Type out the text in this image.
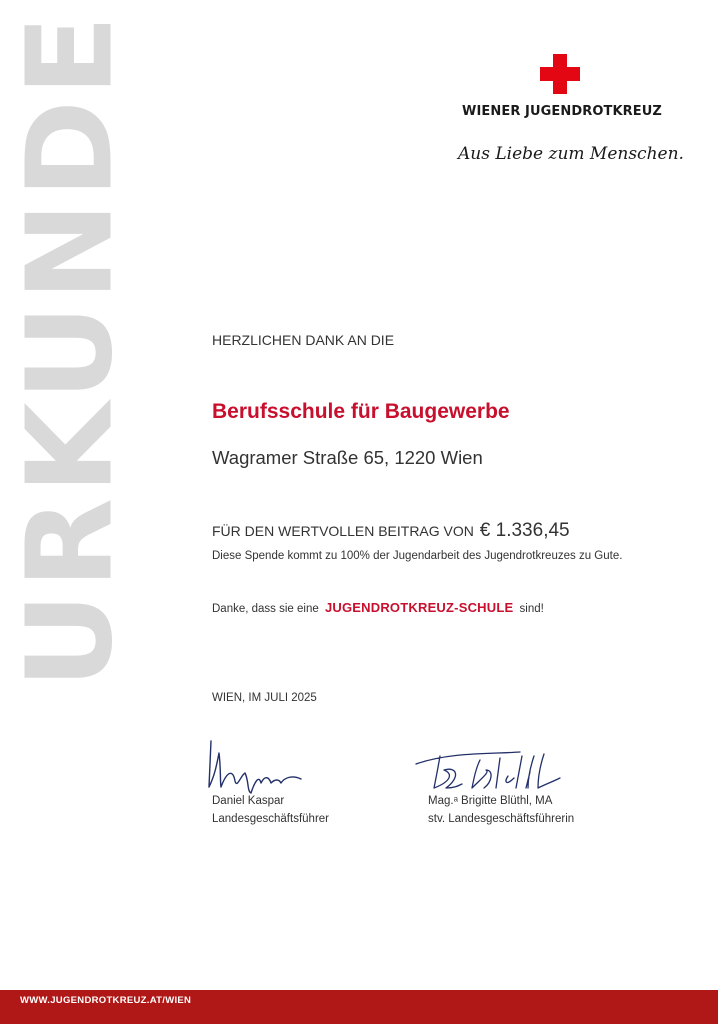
URKUNDE	WIENER JUGENDROTKREUZ
Aus Liebe zum Menschen.
HERZLICHEN DANK AN DIE
Berufsschule für Baugewerbe
Wagramer Straße 65, 1220 Wien
FÜR DEN WERTVOLLEN BEITRAG VON € 1.336,45
Diese Spende kommt zu 100% der Jugendarbeit des Jugendrotkreuzes zu Gute.
Danke, dass sie eine JUGENDROTKREUZ-SCHULE sind!
WIEN, IM JULI 2025
Daniel Kaspar
Landesgeschäftsführer
Mag.ᵃ Brigitte Blüthl, MA
stv. Landesgeschäftsführerin
WWW.JUGENDROTKREUZ.AT/WIEN
